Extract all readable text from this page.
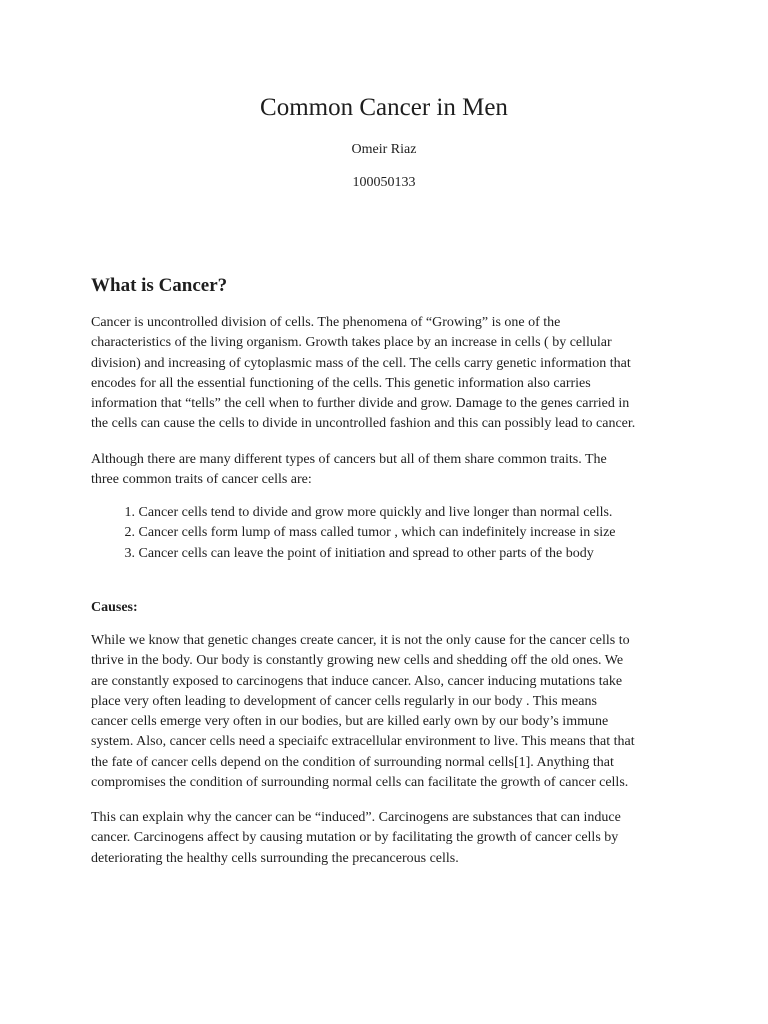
Common Cancer in Men

Omeir Riaz

100050133

What is Cancer?

Cancer is uncontrolled division of cells. The phenomena of “Growing” is one of the
characteristics of the living organism. Growth takes place by an increase in cells ( by cellular
division) and increasing of cytoplasmic mass of the cell. The cells carry genetic information that
encodes for all the essential functioning of the cells. This genetic information also carries
information that “tells” the cell when to further divide and grow. Damage to the genes carried in
the cells can cause the cells to divide in uncontrolled fashion and this can possibly lead to cancer.

Although there are many different types of cancers but all of them share common traits. The
three common traits of cancer cells are:

1. Cancer cells tend to divide and grow more quickly and live longer than normal cells.
2. Cancer cells form lump of mass called tumor , which can indefinitely increase in size
3. Cancer cells can leave the point of initiation and spread to other parts of the body

Causes:

While we know that genetic changes create cancer, it is not the only cause for the cancer cells to
thrive in the body. Our body is constantly growing new cells and shedding off the old ones. We
are constantly exposed to carcinogens that induce cancer. Also, cancer inducing mutations take
place very often leading to development of cancer cells regularly in our body . This means
cancer cells emerge very often in our bodies, but are killed early own by our body’s immune
system. Also, cancer cells need a speciaifc extracellular environment to live. This means that that
the fate of cancer cells depend on the condition of surrounding normal cells[1]. Anything that
compromises the condition of surrounding normal cells can facilitate the growth of cancer cells.

This can explain why the cancer can be “induced”. Carcinogens are substances that can induce
cancer. Carcinogens affect by causing mutation or by facilitating the growth of cancer cells by
deteriorating the healthy cells surrounding the precancerous cells.
